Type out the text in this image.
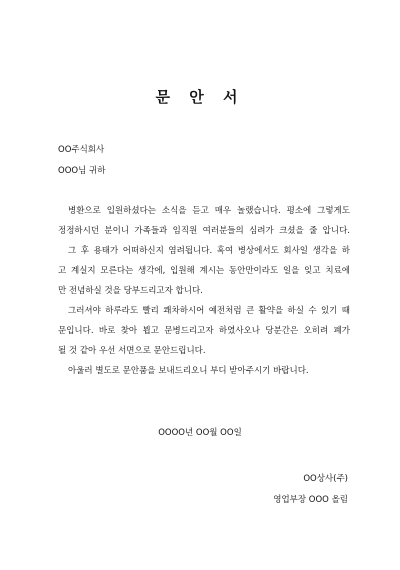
문 안 서
OO주식회사
OOO님 귀하
병환으로 입원하셨다는 소식을 듣고 매우 놀랬습니다. 평소에 그렇게도
정정하시던 분이니 가족들과 임직원 여러분들의 심려가 크셨을 줄 압니다.
그 후 용태가 어떠하신지 염려됩니다. 혹여 병상에서도 회사일 생각을 하
고 계실지 모른다는 생각에, 입원해 계시는 동안만이라도 일을 잊고 치료에
만 전념하실 것을 당부드리고자 합니다.
그러셔야 하루라도 빨리 쾌차하시어 예전처럼 큰 활약을 하실 수 있기 때
문입니다. 바로 찾아 뵙고 문병드리고자 하였사오나 당분간은 오히려 폐가
될 것 같아 우선 서면으로 문안드립니다.
아울러 별도로 문안품을 보내드리오니 부디 받아주시기 바랍니다.
OOOO년 OO월 OO일
OO상사(주)
영업부장 OOO 올림
